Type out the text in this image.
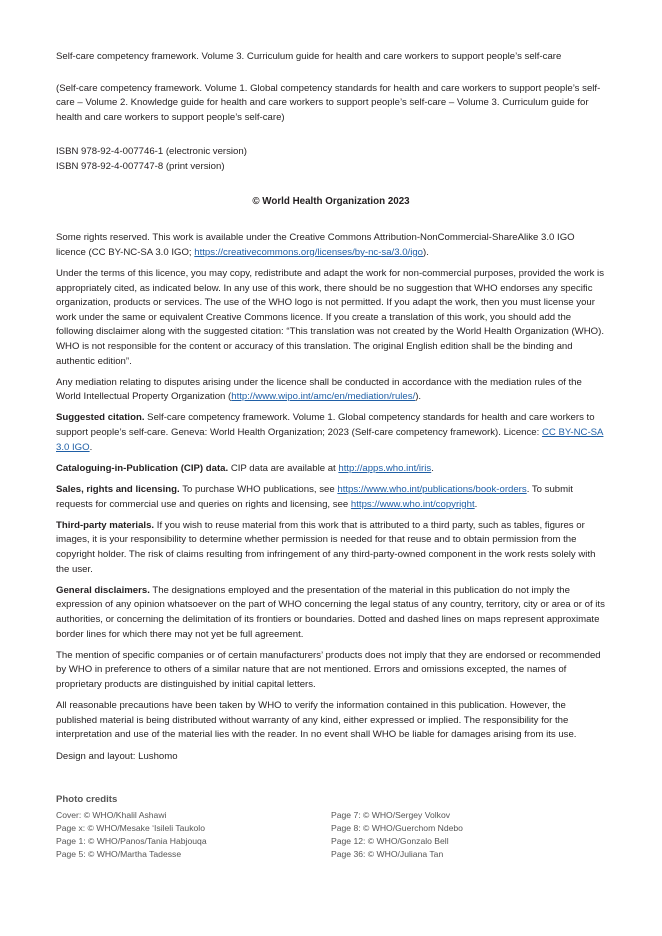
Self-care competency framework. Volume 3. Curriculum guide for health and care workers to support people’s self-care

(Self-care competency framework. Volume 1. Global competency standards for health and care workers to support people’s self-care – Volume 2. Knowledge guide for health and care workers to support people’s self-care – Volume 3. Curriculum guide for health and care workers to support people’s self-care)

ISBN 978-92-4-007746-1 (electronic version)

ISBN 978-92-4-007747-8 (print version)

© World Health Organization 2023

Some rights reserved. This work is available under the Creative Commons Attribution-NonCommercial-ShareAlike 3.0 IGO licence (CC BY-NC-SA 3.0 IGO; https://creativecommons.org/licenses/by-nc-sa/3.0/igo).

Under the terms of this licence, you may copy, redistribute and adapt the work for non-commercial purposes, provided the work is appropriately cited, as indicated below. In any use of this work, there should be no suggestion that WHO endorses any specific organization, products or services. The use of the WHO logo is not permitted. If you adapt the work, then you must license your work under the same or equivalent Creative Commons licence. If you create a translation of this work, you should add the following disclaimer along with the suggested citation: “This translation was not created by the World Health Organization (WHO). WHO is not responsible for the content or accuracy of this translation. The original English edition shall be the binding and authentic edition”.

Any mediation relating to disputes arising under the licence shall be conducted in accordance with the mediation rules of the World Intellectual Property Organization (http://www.wipo.int/amc/en/mediation/rules/).

Suggested citation. Self-care competency framework. Volume 1. Global competency standards for health and care workers to support people’s self-care. Geneva: World Health Organization; 2023 (Self-care competency framework). Licence: CC BY-NC-SA 3.0 IGO.

Cataloguing-in-Publication (CIP) data. CIP data are available at http://apps.who.int/iris.

Sales, rights and licensing. To purchase WHO publications, see https://www.who.int/publications/book-orders. To submit requests for commercial use and queries on rights and licensing, see https://www.who.int/copyright.

Third-party materials. If you wish to reuse material from this work that is attributed to a third party, such as tables, figures or images, it is your responsibility to determine whether permission is needed for that reuse and to obtain permission from the copyright holder. The risk of claims resulting from infringement of any third-party-owned component in the work rests solely with the user.

General disclaimers. The designations employed and the presentation of the material in this publication do not imply the expression of any opinion whatsoever on the part of WHO concerning the legal status of any country, territory, city or area or of its authorities, or concerning the delimitation of its frontiers or boundaries. Dotted and dashed lines on maps represent approximate border lines for which there may not yet be full agreement.

The mention of specific companies or of certain manufacturers’ products does not imply that they are endorsed or recommended by WHO in preference to others of a similar nature that are not mentioned. Errors and omissions excepted, the names of proprietary products are distinguished by initial capital letters.

All reasonable precautions have been taken by WHO to verify the information contained in this publication. However, the published material is being distributed without warranty of any kind, either expressed or implied. The responsibility for the interpretation and use of the material lies with the reader. In no event shall WHO be liable for damages arising from its use.

Design and layout: Lushomo

Photo credits
Cover: © WHO/Khalil Ashawi
Page x: © WHO/Mesake ‘Isileli Taukolo
Page 1: © WHO/Panos/Tania Habjouqa
Page 5: © WHO/Martha Tadesse
Page 7: © WHO/Sergey Volkov
Page 8: © WHO/Guerchom Ndebo
Page 12: © WHO/Gonzalo Bell
Page 36: © WHO/Juliana Tan
